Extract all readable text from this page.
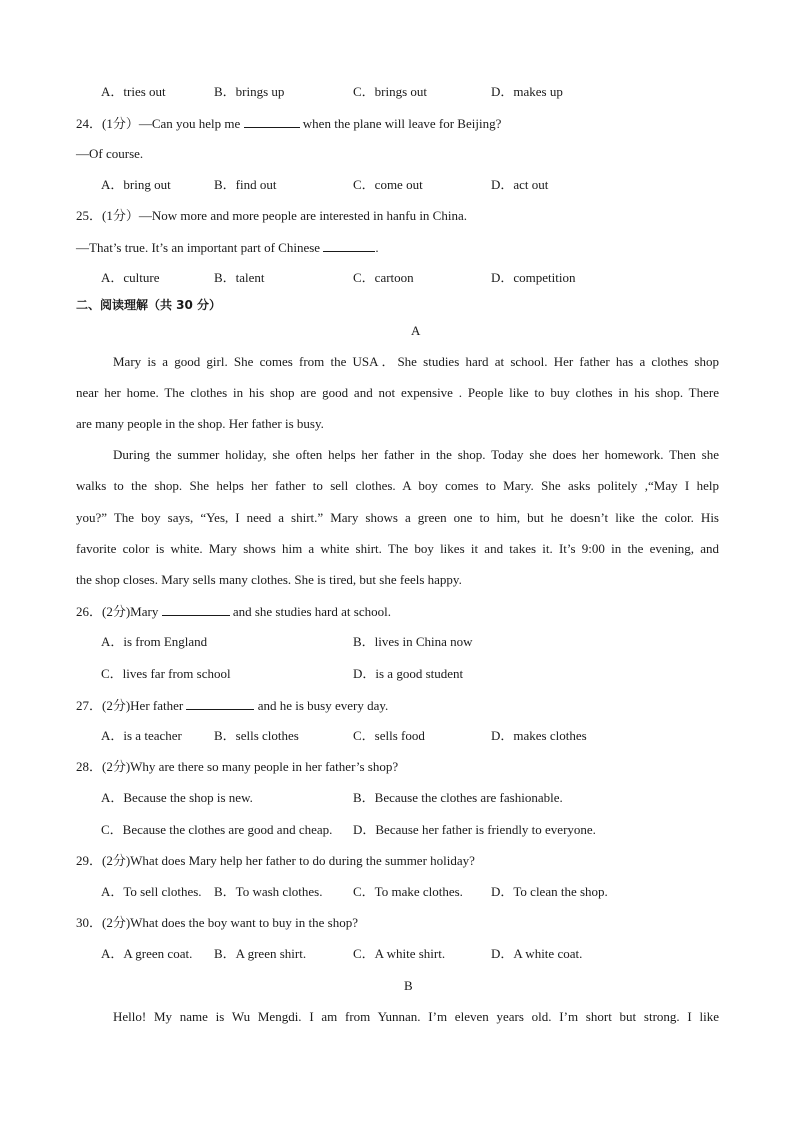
A．tries out	B．brings up	C．brings out	D．makes up
24．(1分）—Can you help me	when the plane will leave for Beijing?
—Of course.
A．bring out	B．find out	C．come out	D．act out
25．(1分）—Now more and more people are interested in hanfu in China.
—That’s true. It’s an important part of Chinese	.
A．culture	B．talent	C．cartoon	D．competition
二、阅读理解（共 30 分）
A
Mary is a good girl. She comes from the USA．She studies hard at school. Her father has a clothes shop
near her home. The clothes in his shop are good and not expensive . People like to buy clothes in his shop. There
are many people in the shop. Her father is busy.
During the summer holiday, she often helps her father in the shop. Today she does her homework. Then she
walks to the shop. She helps her father to sell clothes. A boy comes to Mary. She asks politely ,“May I help
you?” The boy says, “Yes, I need a shirt.” Mary shows a green one to him, but he doesn’t like the color. His
favorite color is white. Mary shows him a white shirt. The boy likes it and takes it. It’s 9:00 in the evening, and
the shop closes. Mary sells many clothes. She is tired, but she feels happy.
26．(2分)Mary	and she studies hard at school.
A．is from England	B．lives in China now
C．lives far from school	D．is a good student
27．(2分)Her father	and he is busy every day.
A．is a teacher B．sells clothes	C．sells food	D．makes clothes
28．(2分)Why are there so many people in her father’s shop?
A．Because the shop is new.	B．Because the clothes are fashionable.
C．Because the clothes are good and cheap. D．Because her father is friendly to everyone.
29．(2分)What does Mary help her father to do during the summer holiday?
A．To sell clothes. B．To wash clothes. C．To make clothes. D．To clean the shop.
30．(2分)What does the boy want to buy in the shop?
A．A green coat. B．A green shirt.	C．A white shirt.	D．A white coat.
B
Hello! My name is Wu Mengdi. I am from Yunnan. I’m eleven years old. I’m short but strong. I like
